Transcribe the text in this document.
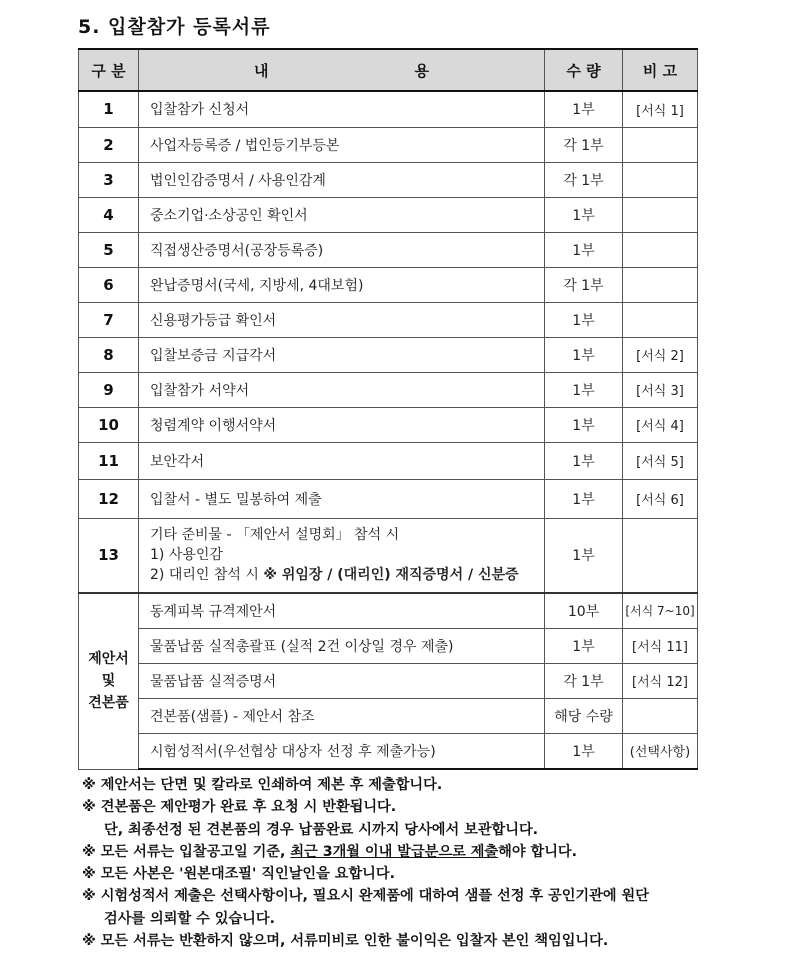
5. 입찰참가 등록서류
구 분	내 용	수 량	비 고
1	입찰참가 신청서	1부	[서식 1]
2	사업자등록증 / 법인등기부등본	각 1부	
3	법인인감증명서 / 사용인감계	각 1부	
4	중소기업·소상공인 확인서	1부	
5	직접생산증명서(공장등록증)	1부	
6	완납증명서(국세, 지방세, 4대보험)	각 1부	
7	신용평가등급 확인서	1부	
8	입찰보증금 지급각서	1부	[서식 2]
9	입찰참가 서약서	1부	[서식 3]
10	청렴계약 이행서약서	1부	[서식 4]
11	보안각서	1부	[서식 5]
12	입찰서 - 별도 밀봉하여 제출	1부	[서식 6]
13	기타 준비물 - 「제안서 설명회」 참석 시
1) 사용인감
2) 대리인 참석 시 ※ 위임장 / (대리인) 재직증명서 / 신분증	1부	

제안서
및
견본품	동계피복 규격제안서	10부	[서식 7~10]
	물품납품 실적총괄표 (실적 2건 이상일 경우 제출)	1부	[서식 11]
	물품납품 실적증명서	각 1부	[서식 12]
	견본품(샘플) - 제안서 참조	해당 수량	
	시험성적서(우선협상 대상자 선정 후 제출가능)	1부	(선택사항)
※ 제안서는 단면 및 칼라로 인쇄하여 제본 후 제출합니다.
※ 견본품은 제안평가 완료 후 요청 시 반환됩니다.
단, 최종선정 된 견본품의 경우 납품완료 시까지 당사에서 보관합니다.
※ 모든 서류는 입찰공고일 기준, 최근 3개월 이내 발급분으로 제출해야 합니다.
※ 모든 사본은 '원본대조필' 직인날인을 요합니다.
※ 시험성적서 제출은 선택사항이나, 필요시 완제품에 대하여 샘플 선정 후 공인기관에 원단
검사를 의뢰할 수 있습니다.
※ 모든 서류는 반환하지 않으며, 서류미비로 인한 불이익은 입찰자 본인 책임입니다.
